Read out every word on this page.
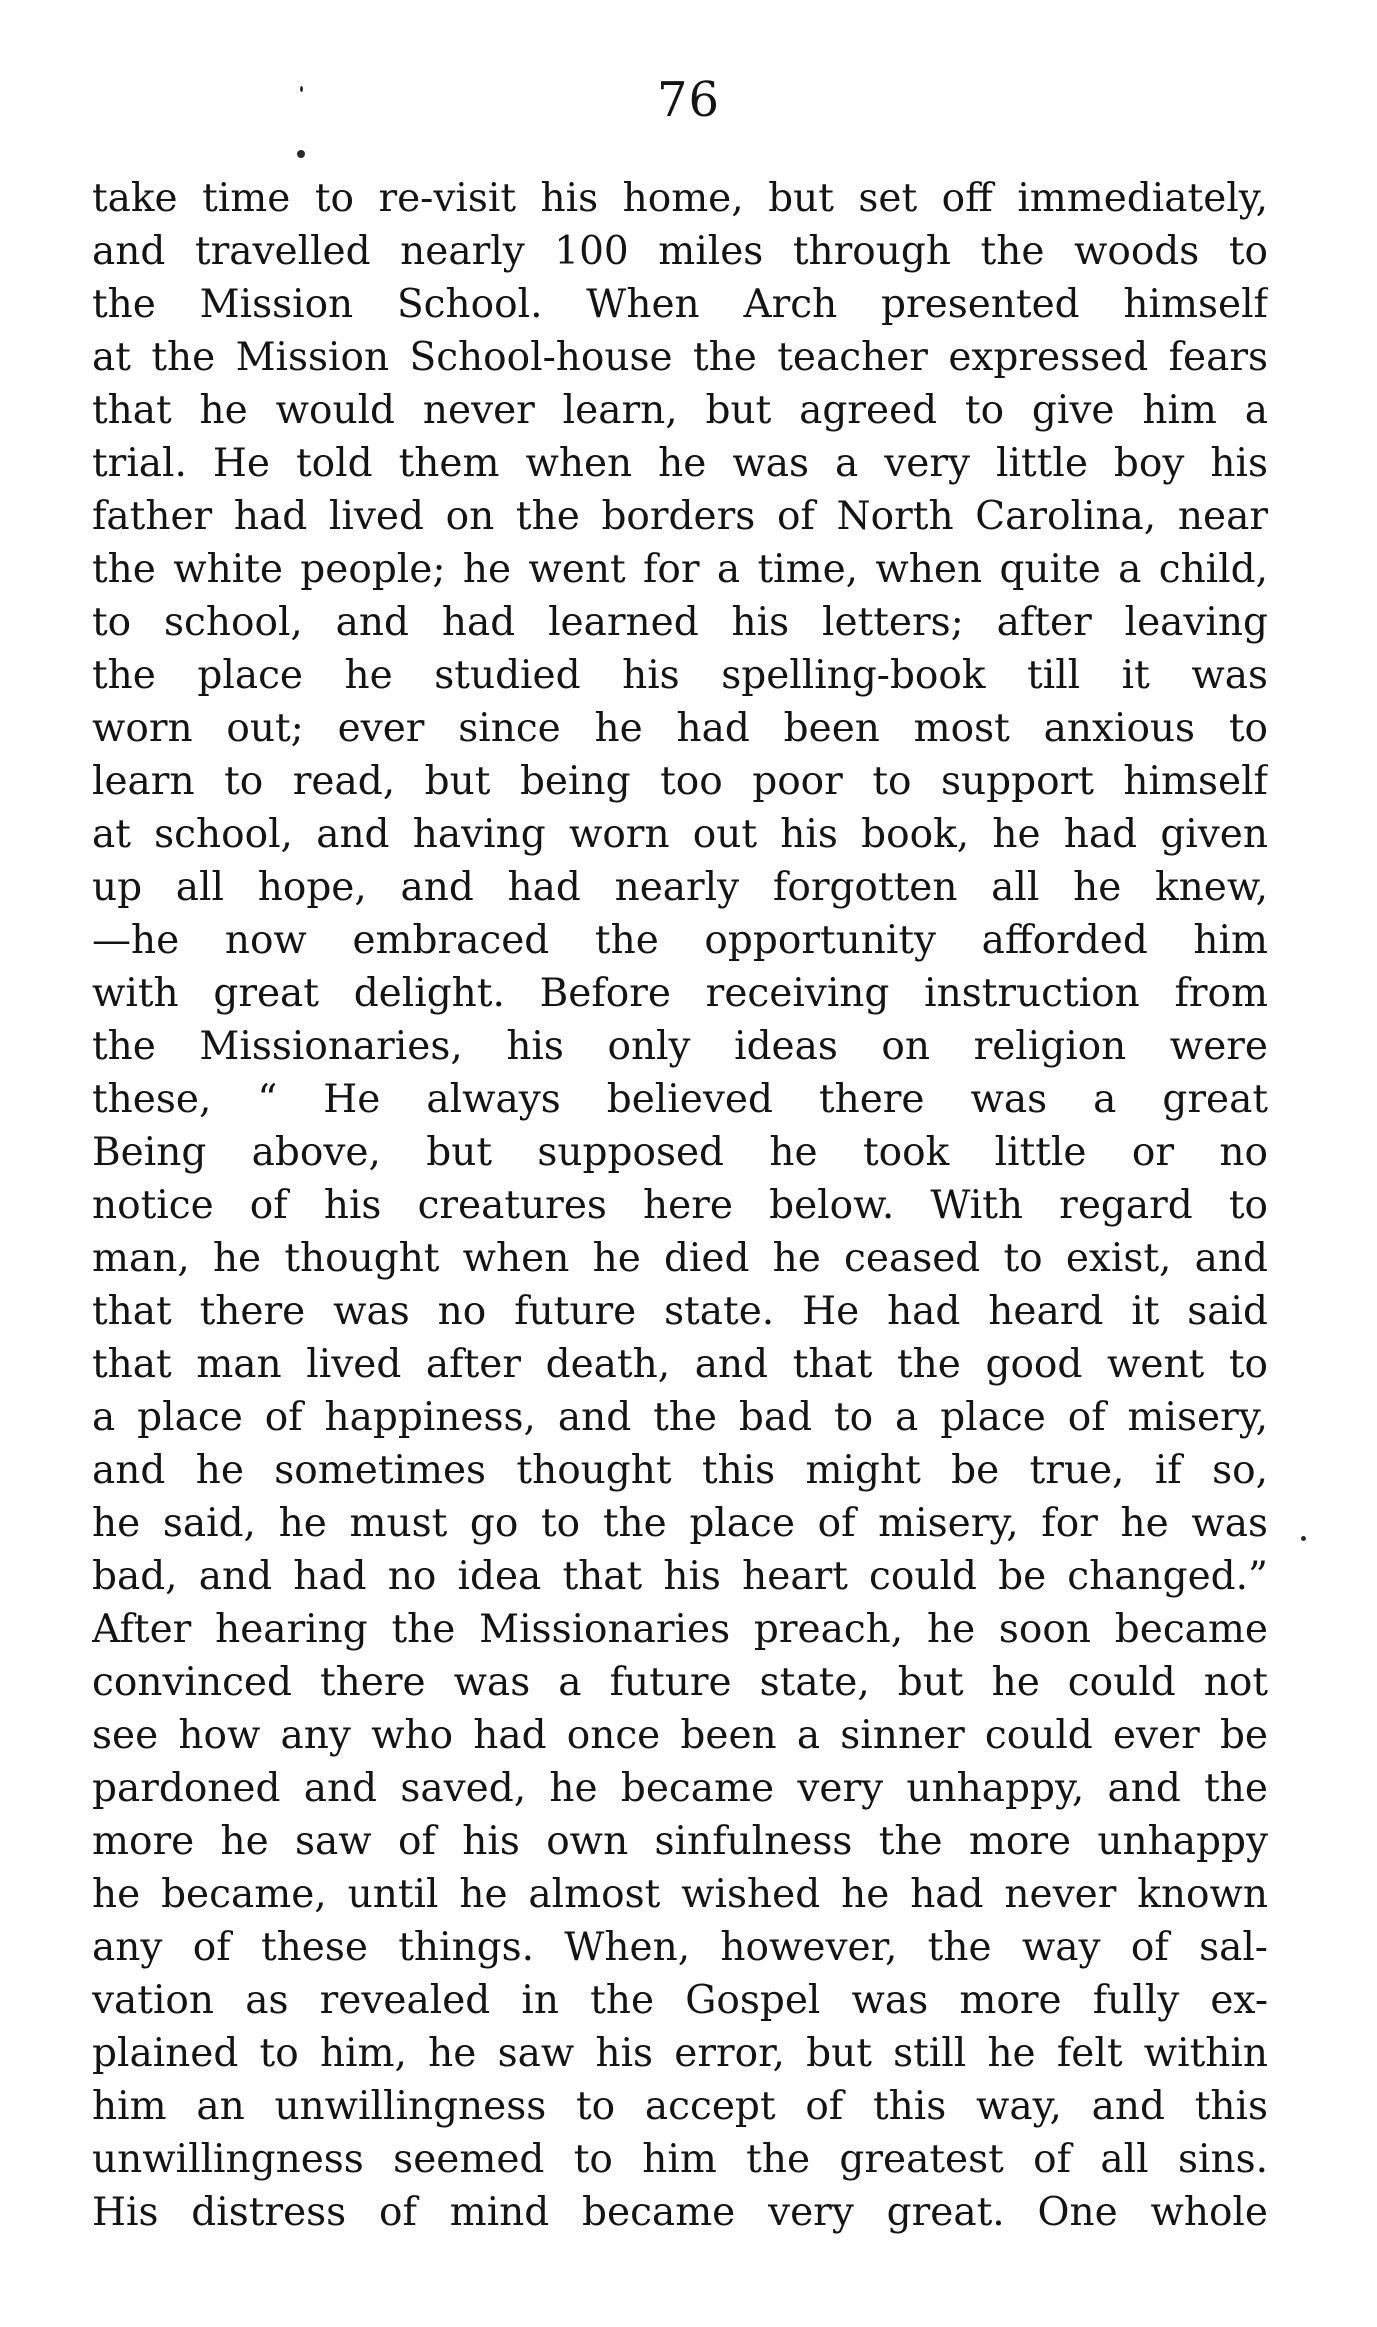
76
take time to re-visit his home, but set off immediately,
and travelled nearly 100 miles through the woods to
the Mission School. When Arch presented himself
at the Mission School-house the teacher expressed fears
that he would never learn, but agreed to give him a
trial. He told them when he was a very little boy his
father had lived on the borders of North Carolina, near
the white people; he went for a time, when quite a child,
to school, and had learned his letters; after leaving
the place he studied his spelling-book till it was
worn out; ever since he had been most anxious to
learn to read, but being too poor to support himself
at school, and having worn out his book, he had given
up all hope, and had nearly forgotten all he knew,
—he now embraced the opportunity afforded him
with great delight. Before receiving instruction from
the Missionaries, his only ideas on religion were
these, “ He always believed there was a great
Being above, but supposed he took little or no
notice of his creatures here below. With regard to
man, he thought when he died he ceased to exist, and
that there was no future state. He had heard it said
that man lived after death, and that the good went to
a place of happiness, and the bad to a place of misery,
and he sometimes thought this might be true, if so,
he said, he must go to the place of misery, for he was
bad, and had no idea that his heart could be changed.”
After hearing the Missionaries preach, he soon became
convinced there was a future state, but he could not
see how any who had once been a sinner could ever be
pardoned and saved, he became very unhappy, and the
more he saw of his own sinfulness the more unhappy
he became, until he almost wished he had never known
any of these things. When, however, the way of sal-
vation as revealed in the Gospel was more fully ex-
plained to him, he saw his error, but still he felt within
him an unwillingness to accept of this way, and this
unwillingness seemed to him the greatest of all sins.
His distress of mind became very great. One whole
